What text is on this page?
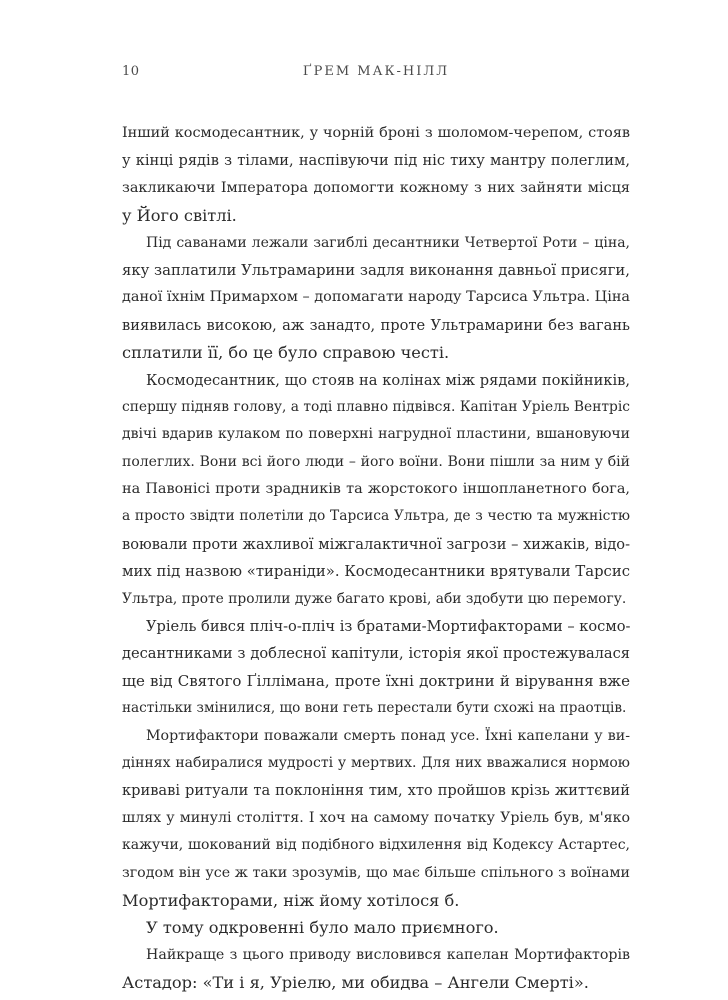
10	ҐРЕМ МАК-НІЛЛ
Інший космодесантник, у чорній броні з шоломом-черепом, стояв
у кінці рядів з тілами, наспівуючи під ніс тиху мантру полеглим,
закликаючи Імператора допомогти кожному з них зайняти місця
у Його світлі.
Під саванами лежали загиблі десантники Четвертої Роти – ціна,
яку заплатили Ультрамарини задля виконання давньої присяги,
даної їхнім Примархом – допомагати народу Тарсиса Ультра. Ціна
виявилась високою, аж занадто, проте Ультрамарини без вагань
сплатили її, бо це було справою честі.
Космодесантник, що стояв на колінах між рядами покійників,
спершу підняв голову, а тоді плавно підвівся. Капітан Уріель Вентріс
двічі вдарив кулаком по поверхні нагрудної пластини, вшановуючи
полеглих. Вони всі його люди – його воїни. Вони пішли за ним у бій
на Павонісі проти зрадників та жорстокого іншопланетного бога,
а просто звідти полетіли до Тарсиса Ультра, де з честю та мужністю
воювали проти жахливої міжгалактичної загрози – хижаків, відо-
мих під назвою «тираніди». Космодесантники врятували Тарсис
Ультра, проте пролили дуже багато крові, аби здобути цю перемогу.
Уріель бився пліч-о-пліч із братами-Мортифакторами – космо-
десантниками з доблесної капітули, історія якої простежувалася
ще від Святого Ґіллімана, проте їхні доктрини й вірування вже
настільки змінилися, що вони геть перестали бути схожі на праотців.
Мортифактори поважали смерть понад усе. Їхні капелани у ви-
діннях набиралися мудрості у мертвих. Для них вважалися нормою
криваві ритуали та поклоніння тим, хто пройшов крізь життєвий
шлях у минулі століття. І хоч на самому початку Уріель був, м'яко
кажучи, шокований від подібного відхилення від Кодексу Астартес,
згодом він усе ж таки зрозумів, що має більше спільного з воїнами
Мортифакторами, ніж йому хотілося б.
У тому одкровенні було мало приємного.
Найкраще з цього приводу висловився капелан Мортифакторів
Астадор: «Ти і я, Уріелю, ми обидва – Ангели Смерті».
